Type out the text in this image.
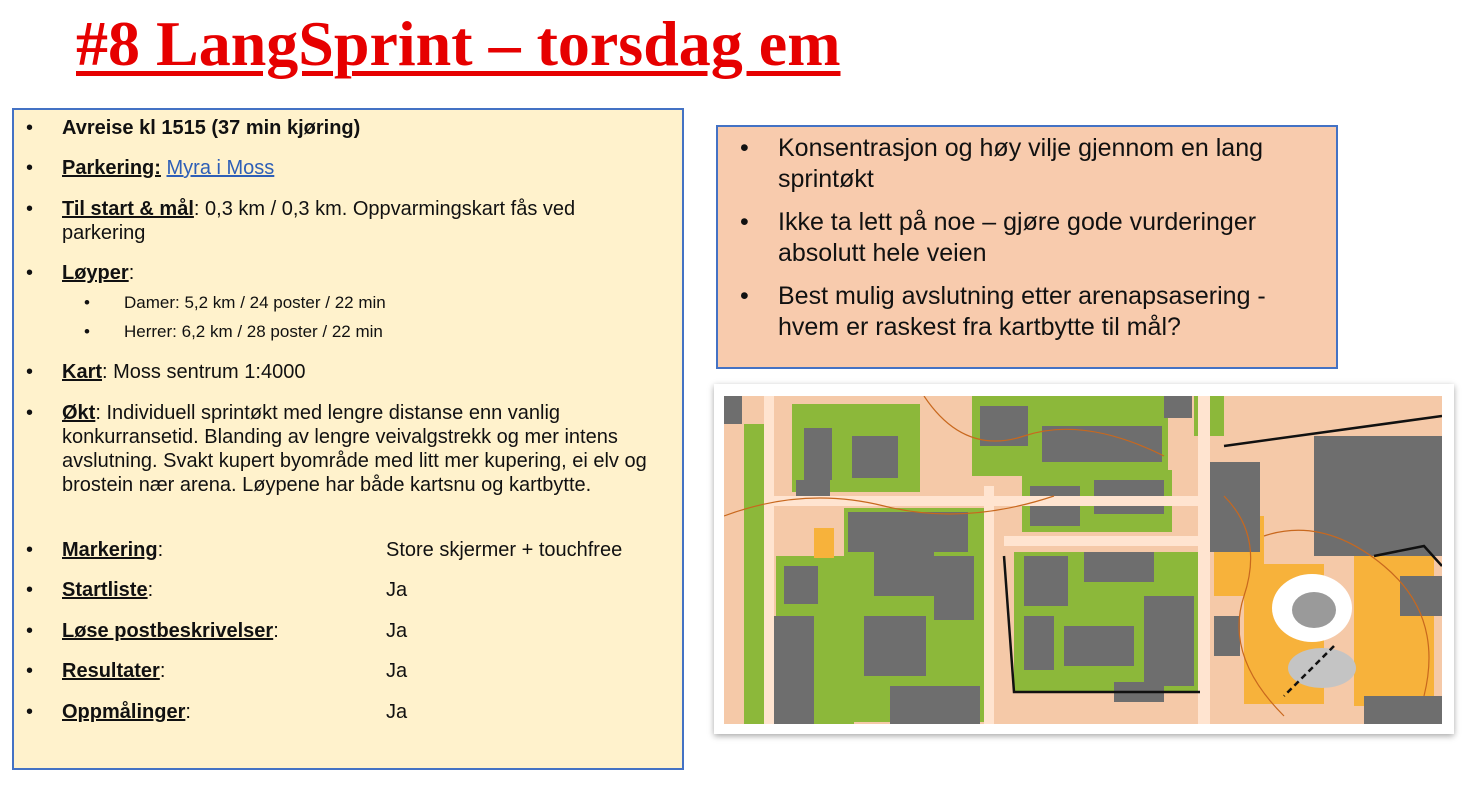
#8 LangSprint – torsdag em
• Avreise kl 1515 (37 min kjøring)
• Parkering: Myra i Moss
• Til start & mål: 0,3 km / 0,3 km. Oppvarmingskart fås ved parkering
• Løyper:
• Damer: 5,2 km / 24 poster / 22 min
• Herrer: 6,2 km / 28 poster / 22 min
• Kart: Moss sentrum 1:4000
• Økt: Individuell sprintøkt med lengre distanse enn vanlig konkurransetid. Blanding av lengre veivalgstrekk og mer intens avslutning. Svakt kupert byområde med litt mer kupering, ei elv og brostein nær arena. Løypene har både kartsnu og kartbytte.
• Markering:	Store skjermer + touchfree
• Startliste:	Ja
• Løse postbeskrivelser:	Ja
• Resultater:	Ja
• Oppmålinger:	Ja
• Konsentrasjon og høy vilje gjennom en lang sprintøkt
• Ikke ta lett på noe – gjøre gode vurderinger absolutt hele veien
• Best mulig avslutning etter arenapsasering - hvem er raskest fra kartbytte til mål?
